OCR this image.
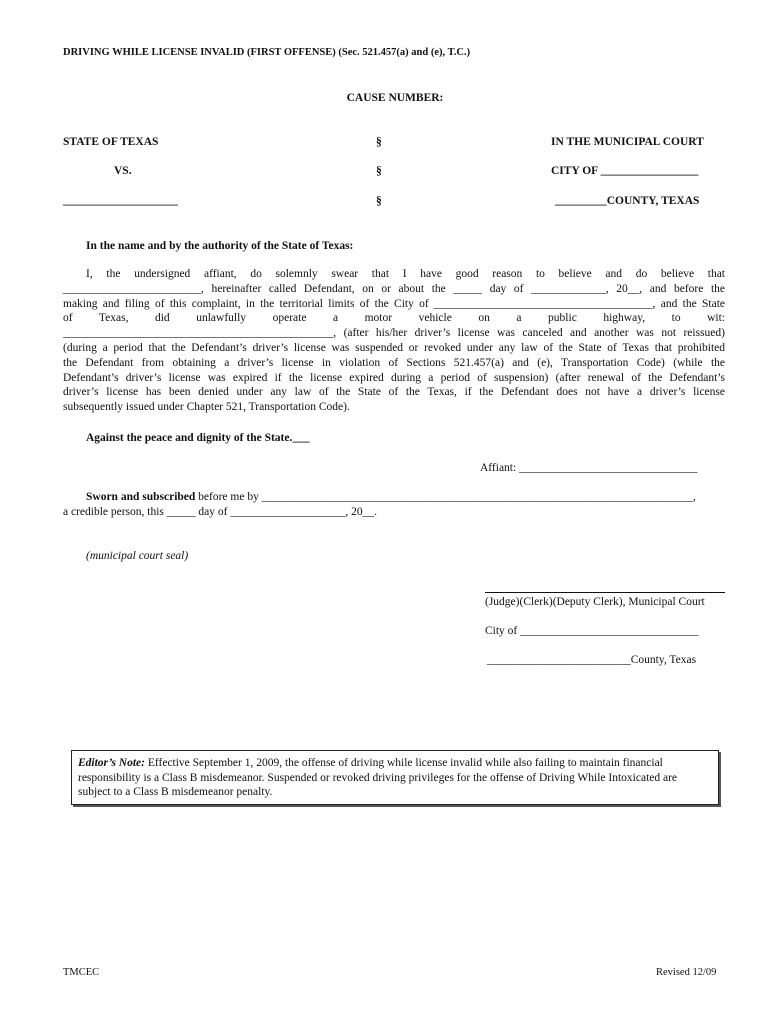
DRIVING WHILE LICENSE INVALID (FIRST OFFENSE) (Sec. 521.457(a) and (e), T.C.)
CAUSE NUMBER:
STATE OF TEXAS	§	IN THE MUNICIPAL COURT
VS.	§	CITY OF _________________
____________________	§	_________COUNTY, TEXAS
In the name and by the authority of the State of Texas:
I, the undersigned affiant, do solemnly swear that I have good reason to believe and do believe that
________________________, hereinafter called Defendant, on or about the _____ day of _____________, 20__, and before the
making and filing of this complaint, in the territorial limits of the City of ______________________________________, and the State
of Texas, did unlawfully operate a motor vehicle on a public highway, to wit:
_______________________________________________, (after his/her driver’s license was canceled and another was not reissued)
(during a period that the Defendant’s driver’s license was suspended or revoked under any law of the State of Texas that prohibited
the Defendant from obtaining a driver’s license in violation of Sections 521.457(a) and (e), Transportation Code) (while the
Defendant’s driver’s license was expired if the license expired during a period of suspension) (after renewal of the Defendant’s
driver’s license has been denied under any law of the State of the Texas, if the Defendant does not have a driver’s license
subsequently issued under Chapter 521, Transportation Code).
Against the peace and dignity of the State.___
Affiant: _______________________________
Sworn and subscribed before me by ___________________________________________________________________________,
a credible person, this _____ day of ____________________, 20__.
(municipal court seal)
(Judge)(Clerk)(Deputy Clerk), Municipal Court
City of _______________________________
_________________________County, Texas
Editor’s Note: Effective September 1, 2009, the offense of driving while license invalid while also failing to maintain financial responsibility is a Class B misdemeanor. Suspended or revoked driving privileges for the offense of Driving While Intoxicated are subject to a Class B misdemeanor penalty.
TMCEC	Revised 12/09
